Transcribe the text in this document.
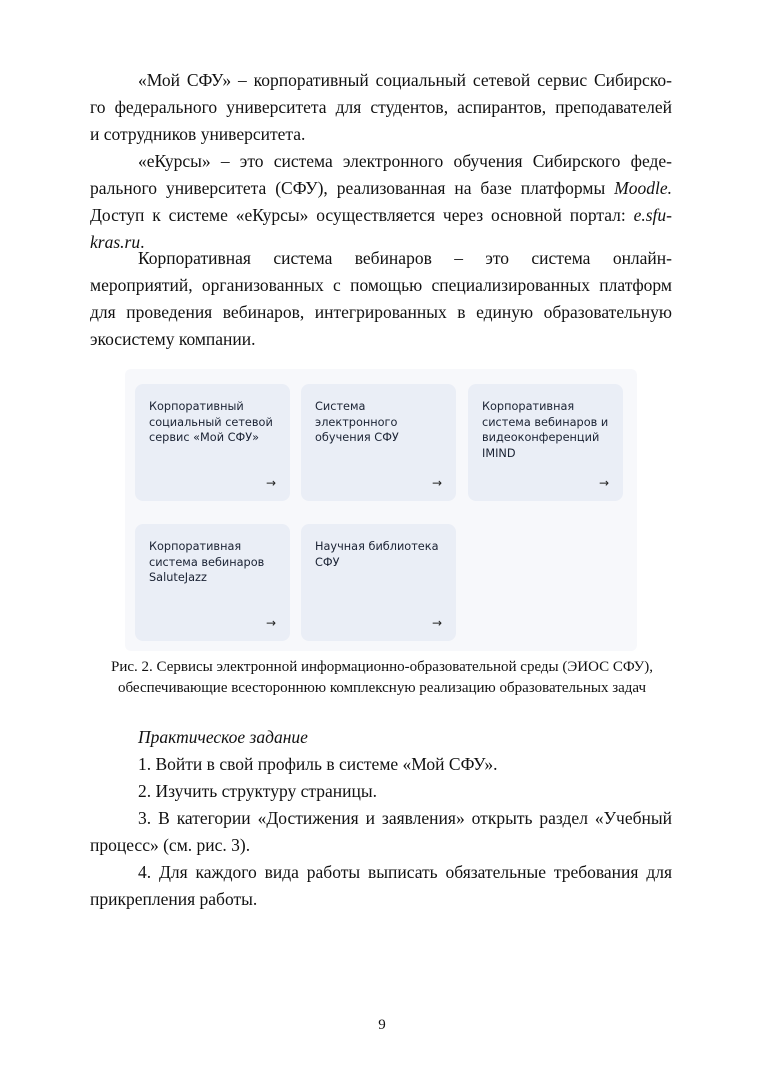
«Мой СФУ» – корпоративный социальный сетевой сервис Сибирско-
го федерального университета для студентов, аспирантов, преподавателей
и сотрудников университета.

«еКурсы» – это система электронного обучения Сибирского феде-
рального университета (СФУ), реализованная на базе платформы Moodle.
Доступ к системе «еКурсы» осуществляется через основной портал: e.sfu-
kras.ru.

Корпоративная система вебинаров – это система онлайн-
мероприятий, организованных с помощью специализированных платформ
для проведения вебинаров, интегрированных в единую образовательную
экосистему компании.

Корпоративный
социальный сетевой
сервис «Мой СФУ»
→
Система
электронного
обучения СФУ
→
Корпоративная
система вебинаров и
видеоконференций
IMIND
→
Корпоративная
система вебинаров
SaluteJazz
→
Научная библиотека
СФУ
→
Рис. 2. Сервисы электронной информационно-образовательной среды (ЭИОС СФУ),
обеспечивающие всестороннюю комплексную реализацию образовательных задач

Практическое задание
1. Войти в свой профиль в системе «Мой СФУ».
2. Изучить структуру страницы.
3. В категории «Достижения и заявления» открыть раздел «Учебный
процесс» (см. рис. 3).
4. Для каждого вида работы выписать обязательные требования для
прикрепления работы.

9
